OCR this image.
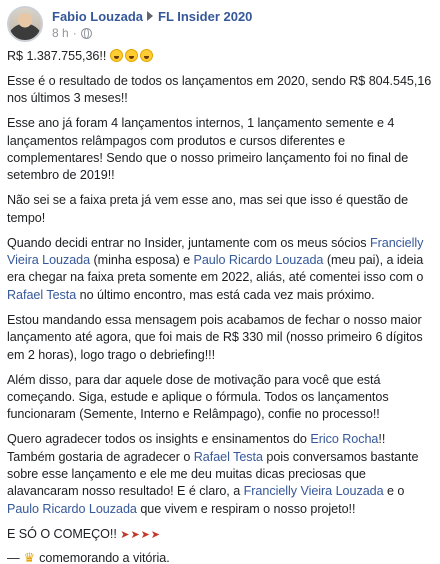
Fabio Louzada FL Insider 2020
8 h ·

R$ 1.387.755,36!!

Esse é o resultado de todos os lançamentos em 2020, sendo R$ 804.545,16 nos últimos 3 meses!!

Esse ano já foram 4 lançamentos internos, 1 lançamento semente e 4 lançamentos relâmpagos com produtos e cursos diferentes e complementares! Sendo que o nosso primeiro lançamento foi no final de setembro de 2019!!

Não sei se a faixa preta já vem esse ano, mas sei que isso é questão de tempo!

Quando decidi entrar no Insider, juntamente com os meus sócios Francielly Vieira Louzada (minha esposa) e Paulo Ricardo Louzada (meu pai), a ideia era chegar na faixa preta somente em 2022, aliás, até comentei isso com o Rafael Testa no último encontro, mas está cada vez mais próximo.

Estou mandando essa mensagem pois acabamos de fechar o nosso maior lançamento até agora, que foi mais de R$ 330 mil (nosso primeiro 6 dígitos em 2 horas), logo trago o debriefing!!!

Além disso, para dar aquele dose de motivação para você que está começando. Siga, estude e aplique o fórmula. Todos os lançamentos funcionaram (Semente, Interno e Relâmpago), confie no processo!!

Quero agradecer todos os insights e ensinamentos do Erico Rocha!! Também gostaria de agradecer o Rafael Testa pois conversamos bastante sobre esse lançamento e ele me deu muitas dicas preciosas que alavancaram nosso resultado! E é claro, a Francielly Vieira Louzada e o Paulo Ricardo Louzada que vivem e respiram o nosso projeto!!

E SÓ O COMEÇO!! ➤➤➤➤

— ♛ comemorando a vitória.
